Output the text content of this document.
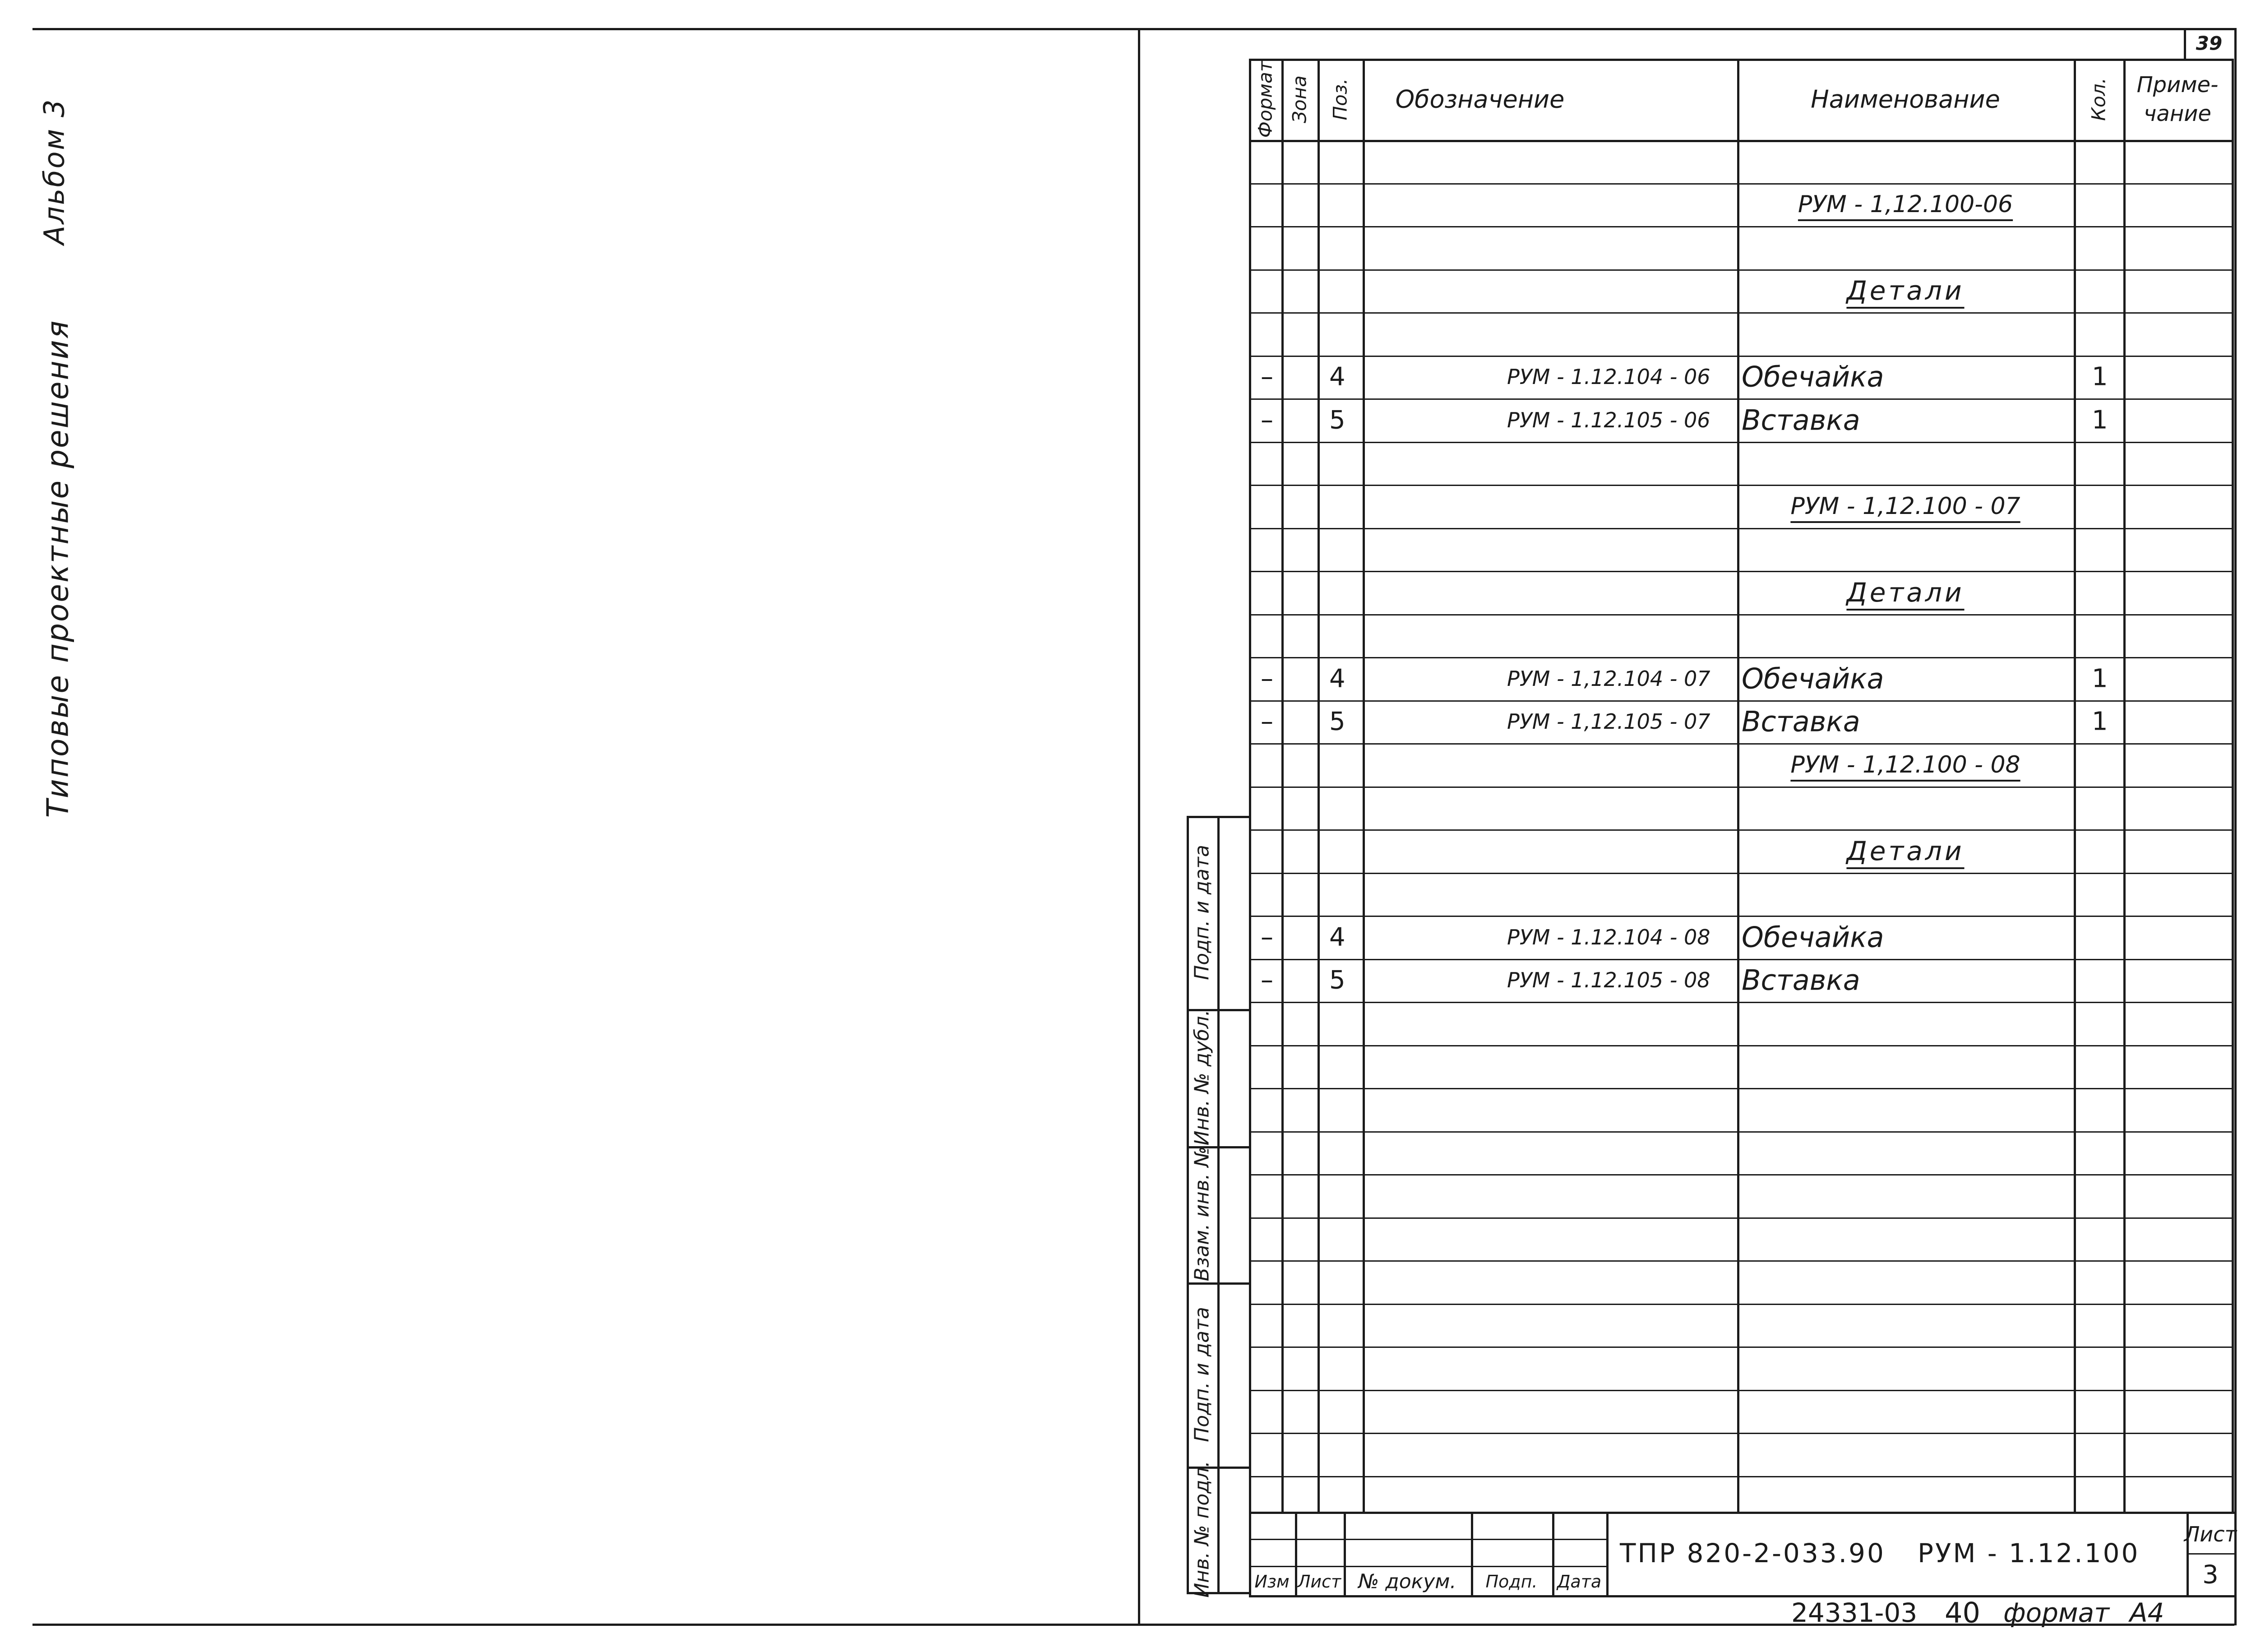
Альбом 3
Типовые проектные решения
39
Формат Зона Поз. Обозначение	Наименование	Кол. Приме-
чание
РУМ - 1,12.100-06
Детали
– 4	РУМ - 1.12.104 - 06 Обечайка	1
– 5	РУМ - 1.12.105 - 06 Вставка	1
РУМ - 1,12.100 - 07
Детали
– 4	РУМ - 1,12.104 - 07 Обечайка	1
– 5	РУМ - 1,12.105 - 07 Вставка	1
РУМ - 1,12.100 - 08
Детали
– 4	РУМ - 1.12.104 - 08 Обечайка
– 5	РУМ - 1.12.105 - 08 Вставка
Подп. и дата
Инв. № дубл.
Взам. инв. №
Подп. и дата
Инв. № подл. Изм Лист № докум. Подп. Дата
ТПР 820-2-033.90 РУМ - 1.12.100
Лист
3
24331-03 40 формат А4
